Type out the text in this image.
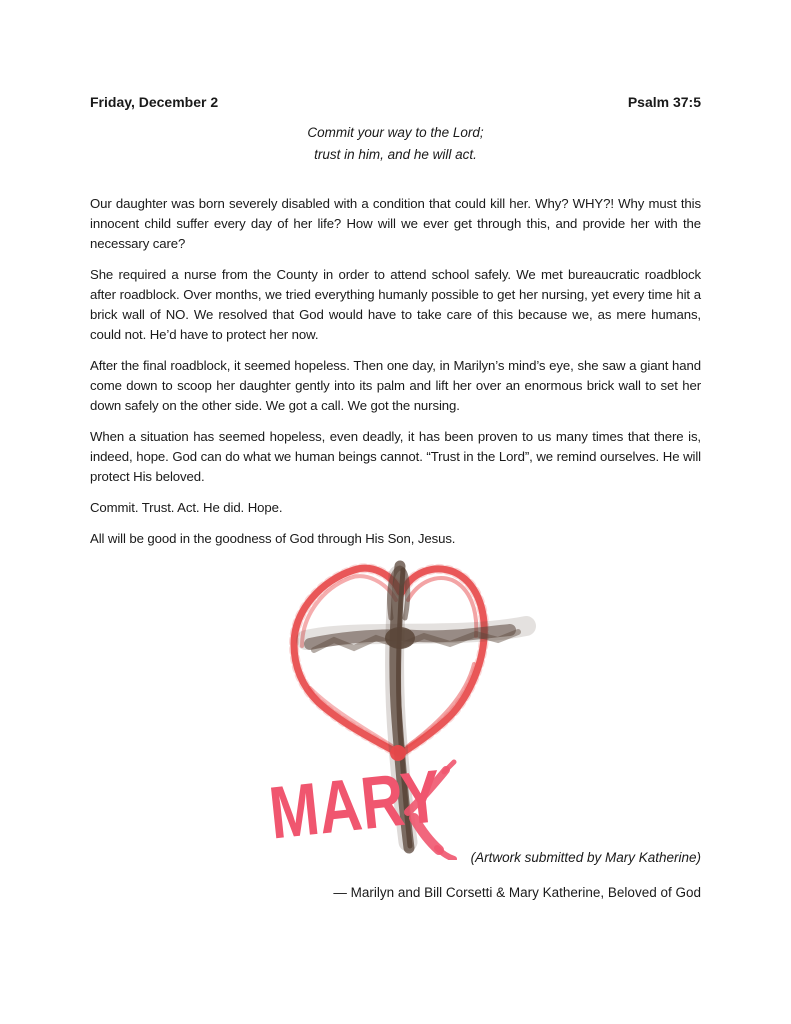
Friday, December 2	Psalm 37:5
Commit your way to the Lord;
trust in him, and he will act.

Our daughter was born severely disabled with a condition that could kill her. Why? WHY?! Why must this innocent child suffer every day of her life? How will we ever get through this, and provide her with the necessary care?

She required a nurse from the County in order to attend school safely. We met bureaucratic roadblock after roadblock. Over months, we tried everything humanly possible to get her nursing, yet every time hit a brick wall of NO. We resolved that God would have to take care of this because we, as mere humans, could not. He’d have to protect her now.

After the final roadblock, it seemed hopeless. Then one day, in Marilyn’s mind’s eye, she saw a giant hand come down to scoop her daughter gently into its palm and lift her over an enormous brick wall to set her down safely on the other side. We got a call. We got the nursing.

When a situation has seemed hopeless, even deadly, it has been proven to us many times that there is, indeed, hope. God can do what we human beings cannot. “Trust in the Lord”, we remind ourselves. He will protect His beloved.

Commit. Trust. Act. He did. Hope.

All will be good in the goodness of God through His Son, Jesus.

MARY
(Artwork submitted by Mary Katherine)
— Marilyn and Bill Corsetti & Mary Katherine, Beloved of God
